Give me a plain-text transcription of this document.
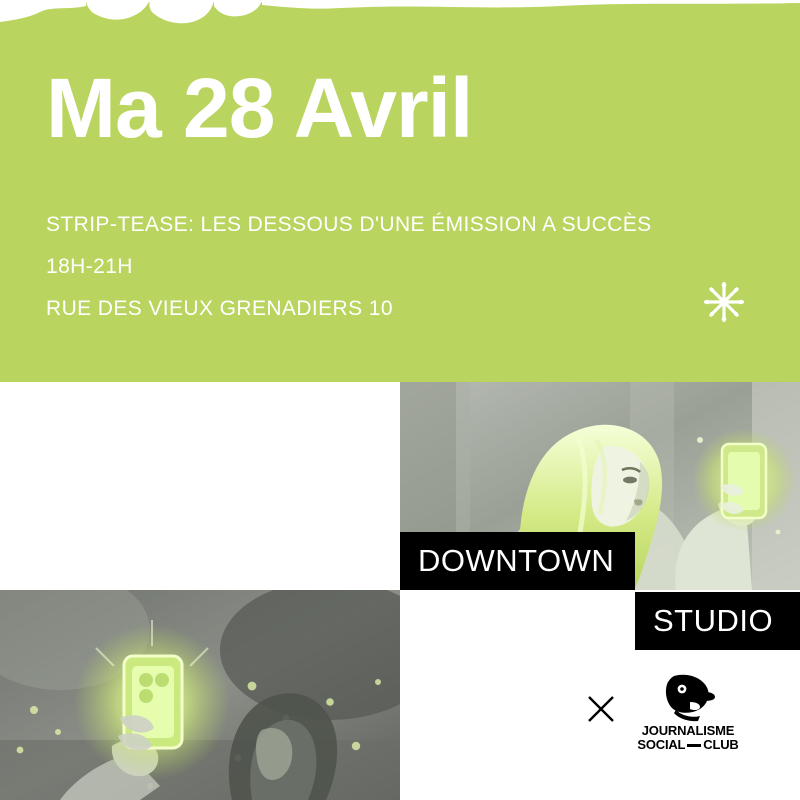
Ma 28 Avril
STRIP-TEASE: LES DESSOUS D'UNE ÉMISSION A SUCCÈS
18H-21H
RUE DES VIEUX GRENADIERS 10
DOWNTOWN
STUDIO
JOURNALISME
SOCIAL CLUB
